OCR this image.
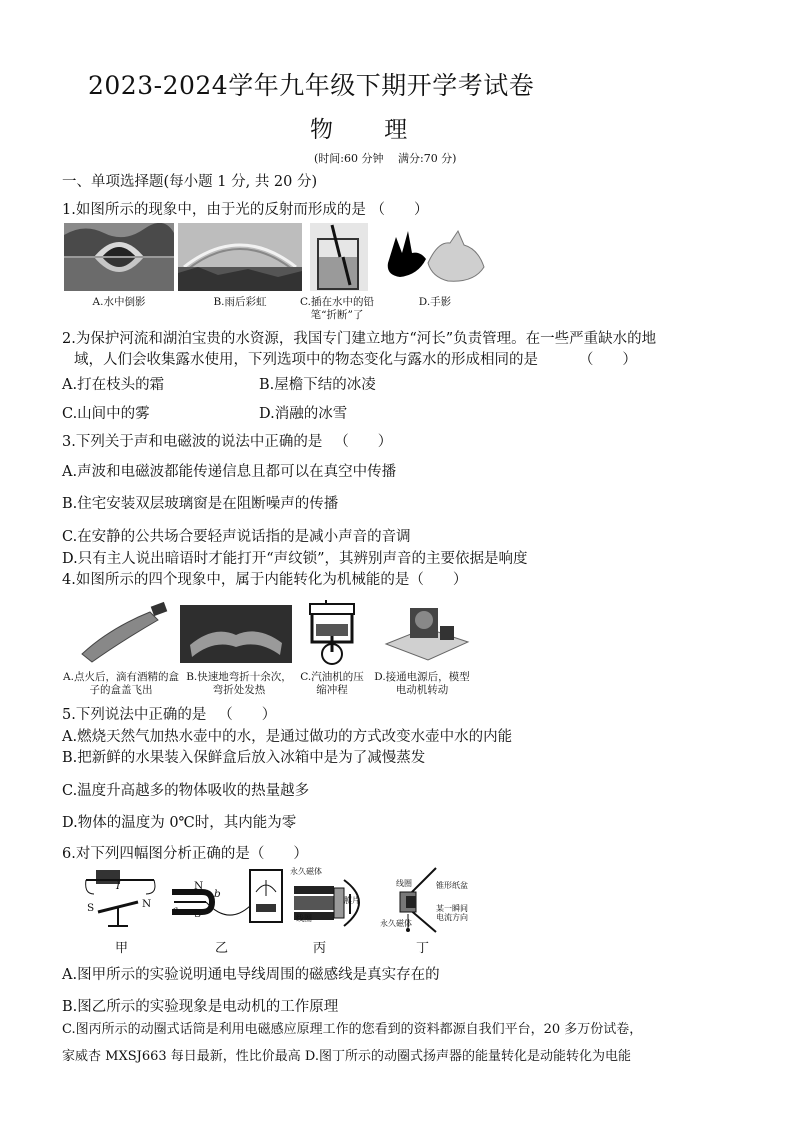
2023-2024学年九年级下期开学考试卷
物 理
(时间:60 分钟　 满分:70 分)
一、单项选择题(每小题 1 分, 共 20 分)
1.如图所示的现象中，由于光的反射而形成的是 （　　）
A.水中倒影	B.雨后彩虹	C.插在水中的铅笔“折断”了
D.手影
2.为保护河流和湖泊宝贵的水资源，我国专门建立地方“河长”负责管理。在一些严重缺水的地
域，人们会收集露水使用，下列选项中的物态变化与露水的形成相同的是 　　　（　　）
A.打在枝头的霜	B.屋檐下结的冰凌
C.山间中的雾	D.消融的冰雪
3.下列关于声和电磁波的说法中正确的是 　（　　）
A.声波和电磁波都能传递信息且都可以在真空中传播
B.住宅安装双层玻璃窗是在阻断噪声的传播
C.在安静的公共场合要轻声说话指的是减小声音的音调
D.只有主人说出暗语时才能打开“声纹锁”，其辨别声音的主要依据是响度
4.如图所示的四个现象中，属于内能转化为机械能的是（　　）
A.点火后，滴有酒精的盒子的盒盖飞出
B.快速地弯折十余次，弯折处发热
C.汽油机的压缩冲程
D.接通电源后，模型电动机转动
5.下列说法中正确的是 　（　　）
A.燃烧天然气加热水壶中的水，是通过做功的方式改变水壶中水的内能
B.把新鲜的水果装入保鲜盒后放入冰箱中是为了减慢蒸发
C.温度升高越多的物体吸收的热量越多
D.物体的温度为 0℃时，其内能为零
6.对下列四幅图分析正确的是（　　）
S	N
I	N
S
a
b
永久磁体
线圈
膜片
线圈	锥形纸盆
永久磁体
某一瞬间电流方向
甲	乙	丙	丁
A.图甲所示的实验说明通电导线周围的磁感线是真实存在的
B.图乙所示的实验现象是电动机的工作原理
C.图丙所示的动圈式话筒是利用电磁感应原理工作的您看到的资料都源自我们平台，20 多万份试卷，
家威杏 MXSJ663 每日最新，性比价最高 D.图丁所示的动圈式扬声器的能量转化是动能转化为电能
